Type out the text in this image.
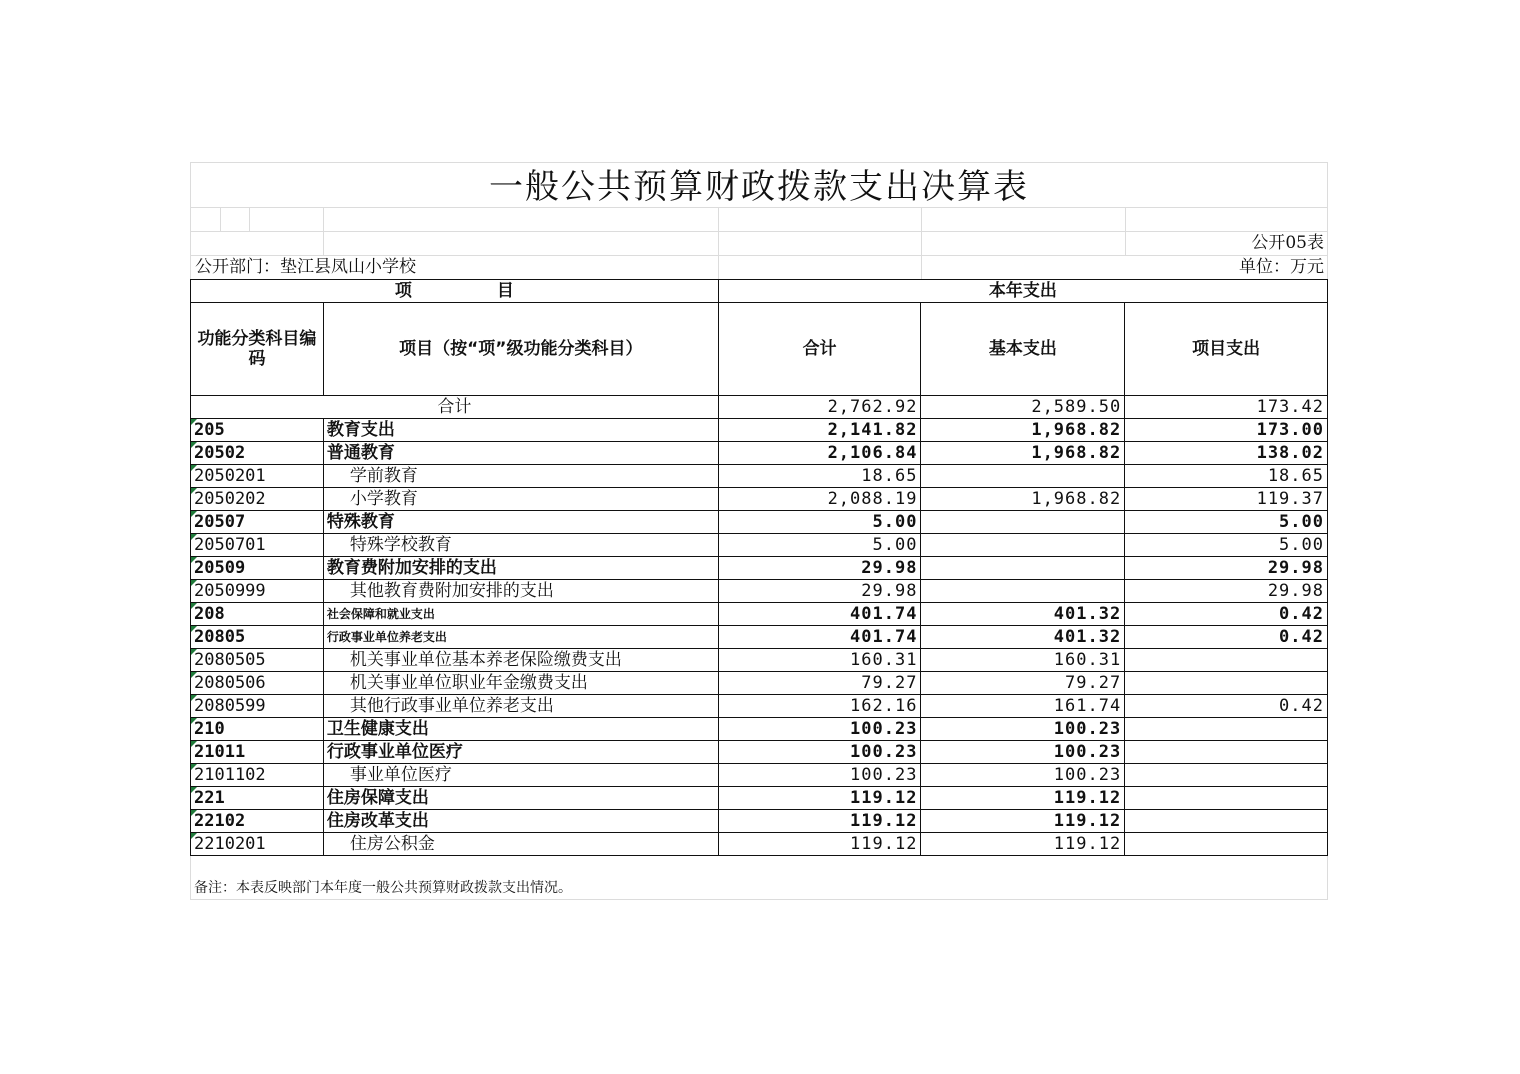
一般公共预算财政拨款支出决算表
公开05表
公开部门：垫江县凤山小学校	单位：万元
项　　　　　目		本年支出		
功能分类科目编码	项目（按“项”级功能分类科目）	合计	基本支出	项目支出
合计		2,762.92	2,589.50	173.42
205	教育支出	2,141.82	1,968.82	173.00
20502	普通教育	2,106.84	1,968.82	138.02
2050201	学前教育	18.65		18.65
2050202	小学教育	2,088.19	1,968.82	119.37
20507	特殊教育	5.00		5.00
2050701	特殊学校教育	5.00		5.00
20509	教育费附加安排的支出	29.98		29.98
2050999	其他教育费附加安排的支出	29.98		29.98
208	社会保障和就业支出	401.74	401.32	0.42
20805	行政事业单位养老支出	401.74	401.32	0.42
2080505	机关事业单位基本养老保险缴费支出	160.31	160.31	
2080506	机关事业单位职业年金缴费支出	79.27	79.27	
2080599	其他行政事业单位养老支出	162.16	161.74	0.42
210	卫生健康支出	100.23	100.23	
21011	行政事业单位医疗	100.23	100.23	
2101102	事业单位医疗	100.23	100.23	
221	住房保障支出	119.12	119.12	
22102	住房改革支出	119.12	119.12	
2210201	住房公积金	119.12	119.12	
备注：本表反映部门本年度一般公共预算财政拨款支出情况。
